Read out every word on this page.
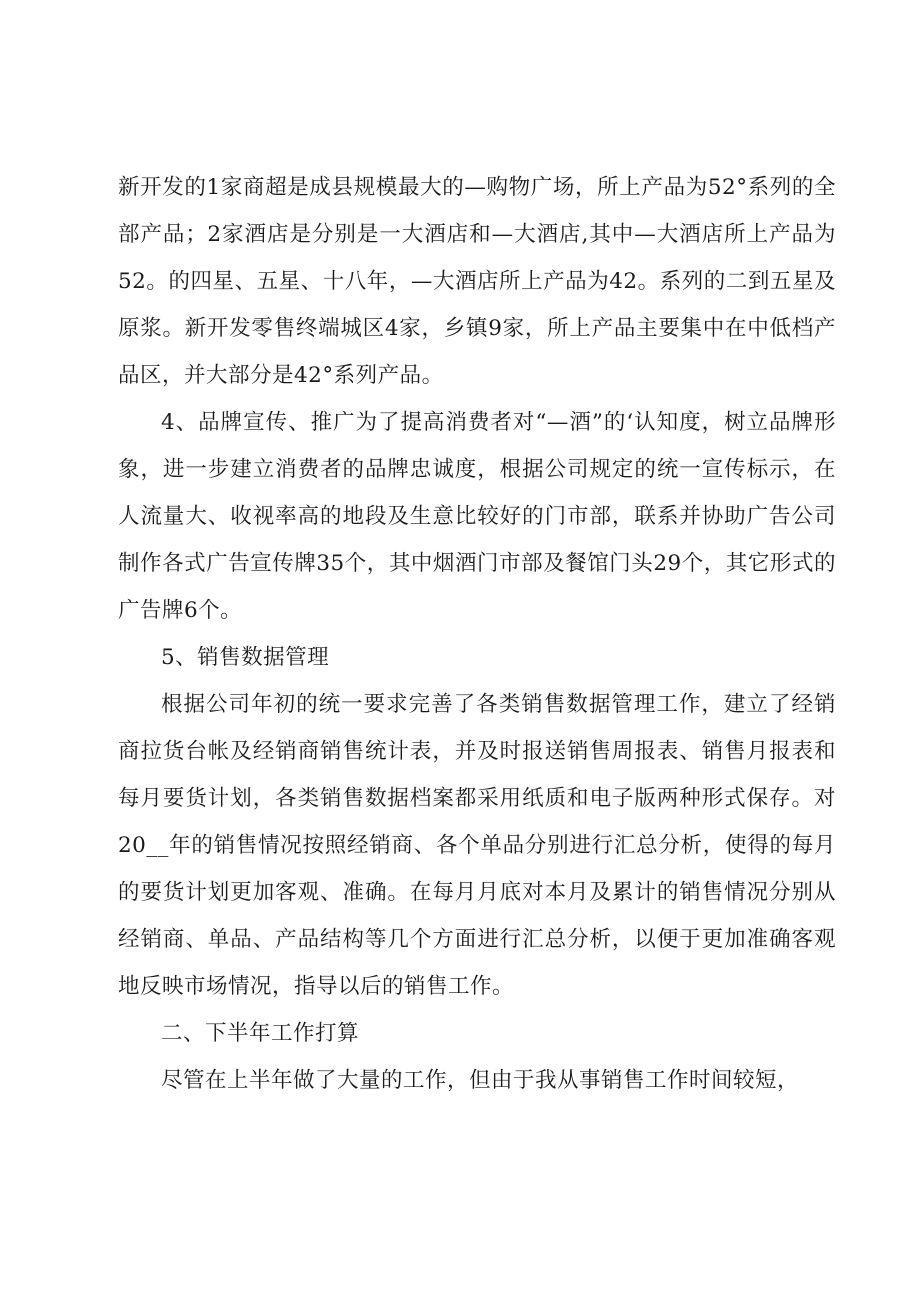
新开发的1家商超是成县规模最大的—购物广场，所上产品为52°系列的全部产品；2家酒店是分别是一大酒店和—大酒店,其中—大酒店所上产品为52。的四星、五星、十八年，—大酒店所上产品为42。系列的二到五星及原浆。新开发零售终端城区4家，乡镇9家，所上产品主要集中在中低档产品区，并大部分是42°系列产品。

4、品牌宣传、推广为了提高消费者对“—酒”的‘认知度，树立品牌形象，进一步建立消费者的品牌忠诚度，根据公司规定的统一宣传标示，在人流量大、收视率高的地段及生意比较好的门市部，联系并协助广告公司制作各式广告宣传牌35个，其中烟酒门市部及餐馆门头29个，其它形式的广告牌6个。

5、销售数据管理

根据公司年初的统一要求完善了各类销售数据管理工作，建立了经销商拉货台帐及经销商销售统计表，并及时报送销售周报表、销售月报表和每月要货计划，各类销售数据档案都采用纸质和电子版两种形式保存。对20__年的销售情况按照经销商、各个单品分别进行汇总分析，使得的每月的要货计划更加客观、准确。在每月月底对本月及累计的销售情况分别从经销商、单品、产品结构等几个方面进行汇总分析，以便于更加准确客观地反映市场情况，指导以后的销售工作。

二、下半年工作打算

尽管在上半年做了大量的工作，但由于我从事销售工作时间较短，
